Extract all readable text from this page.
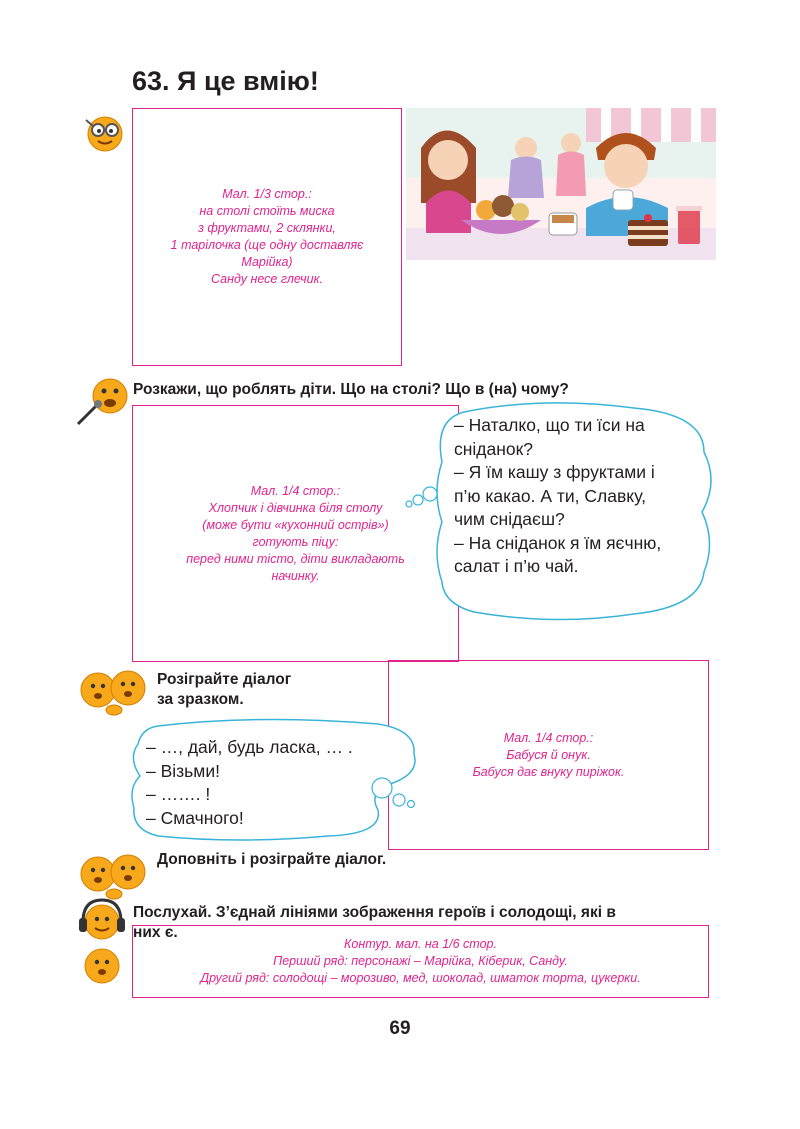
63. Я це вмію!
Мал. 1/3 стор.:
на столі стоїть миска
з фруктами, 2 склянки,
1 тарілочка (ще одну доставляє
Марійка)
Санду несе глечик.
Розкажи, що роблять діти. Що на столі? Що в (на) чому?
Мал. 1/4 стор.:
Хлопчик і дівчинка біля столу
(може бути «кухонний острів»)
готують піцу:
перед ними тісто, діти викладають
начинку.
– Наталко, що ти їси на
сніданок?
– Я їм кашу з фруктами і
п’ю какао. А ти, Славку,
чим снідаєш?
– На сніданок я їм яєчню,
салат і п’ю чай.
Розіграйте діалог
за зразком.
Мал. 1/4 стор.:
Бабуся й онук.
Бабуся дає внуку пиріжок.
– …, дай, будь ласка, … .
– Візьми!
– ……. !
– Смачного!
Доповніть і розіграйте діалог.
Послухай. З’єднай лініями зображення героїв і солодощі, які в
них є.
Контур. мал. на 1/6 стор.
Перший ряд: персонажі – Марійка, Кіберик, Санду.
Другий ряд: солодощі – морозиво, мед, шоколад, шматок торта, цукерки.
69
